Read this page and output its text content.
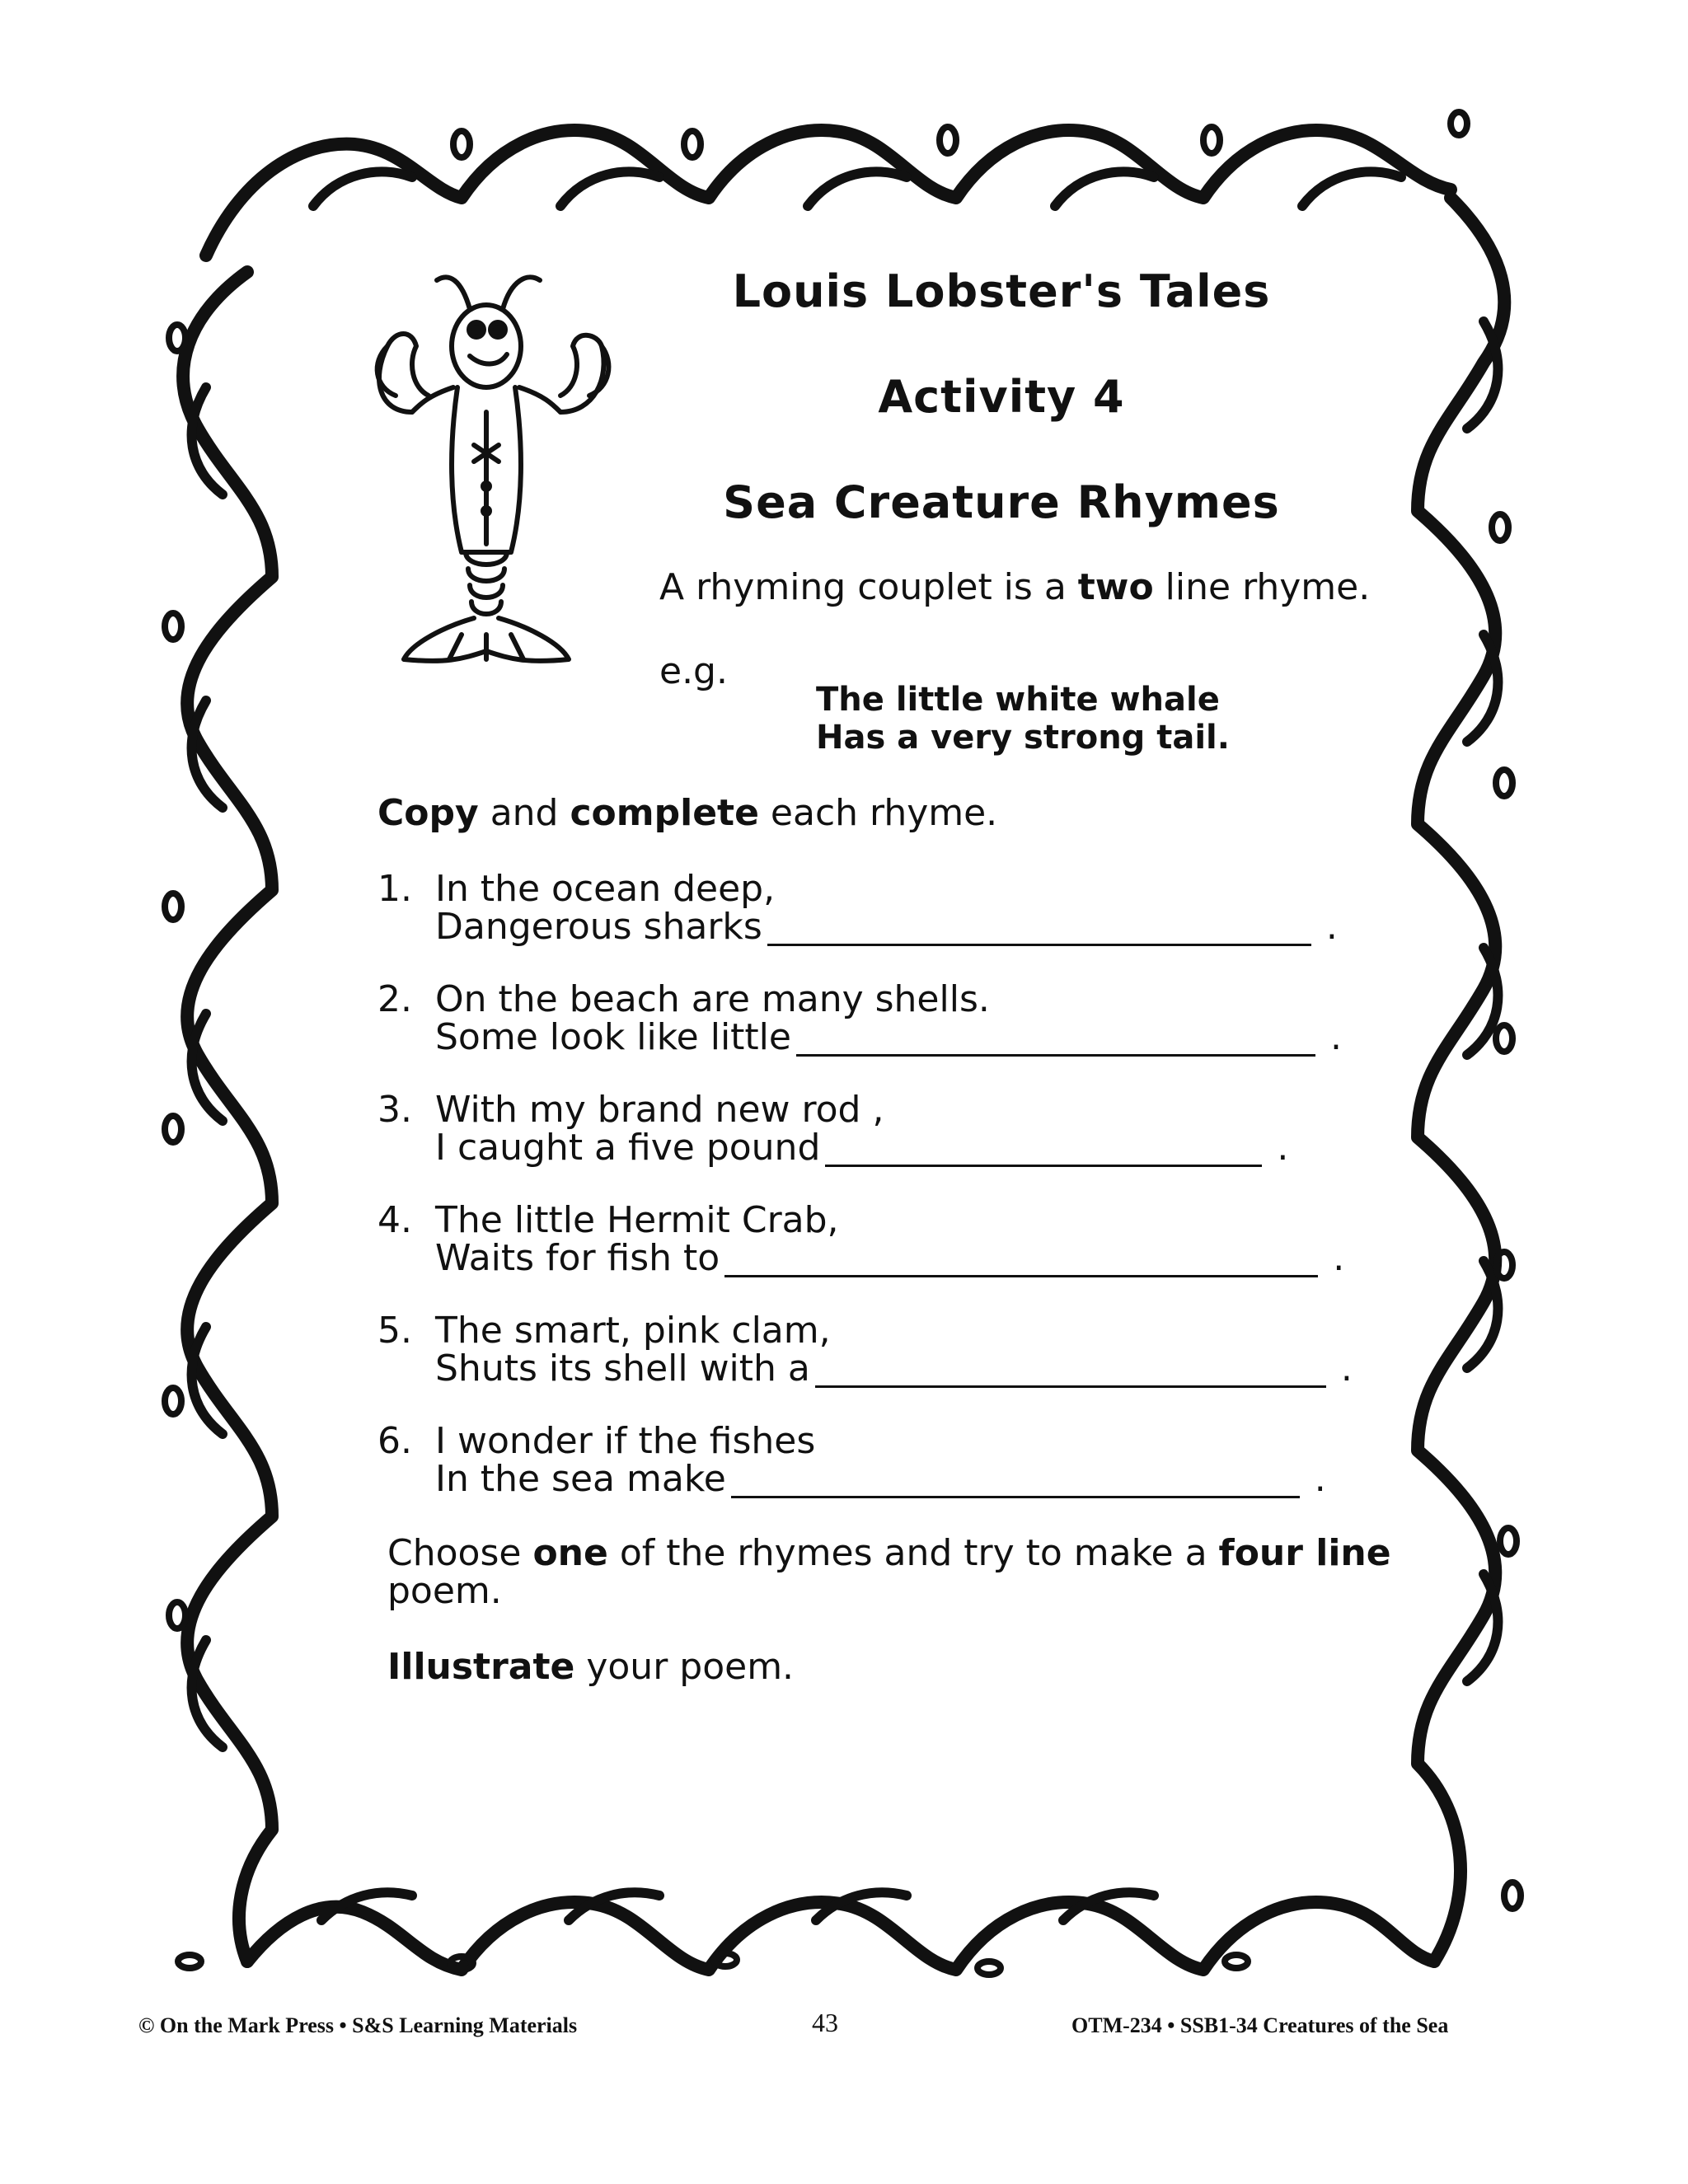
Louis Lobster's Tales
Activity 4
Sea Creature Rhymes
A rhyming couplet is a two line rhyme.
e.g.
The little white whale
Has a very strong tail.
Copy and complete each rhyme.
1. In the ocean deep,
Dangerous sharks	.
2. On the beach are many shells.
Some look like little	.
3. With my brand new rod ,
I caught a five pound	.
4. The little Hermit Crab,
Waits for fish to	.
5. The smart, pink clam,
Shuts its shell with a	.
6. I wonder if the fishes
In the sea make	.
Choose one of the rhymes and try to make a four line
poem.
Illustrate your poem.
© On the Mark Press • S&S Learning Materials	43	OTM-234 • SSB1-34 Creatures of the Sea
